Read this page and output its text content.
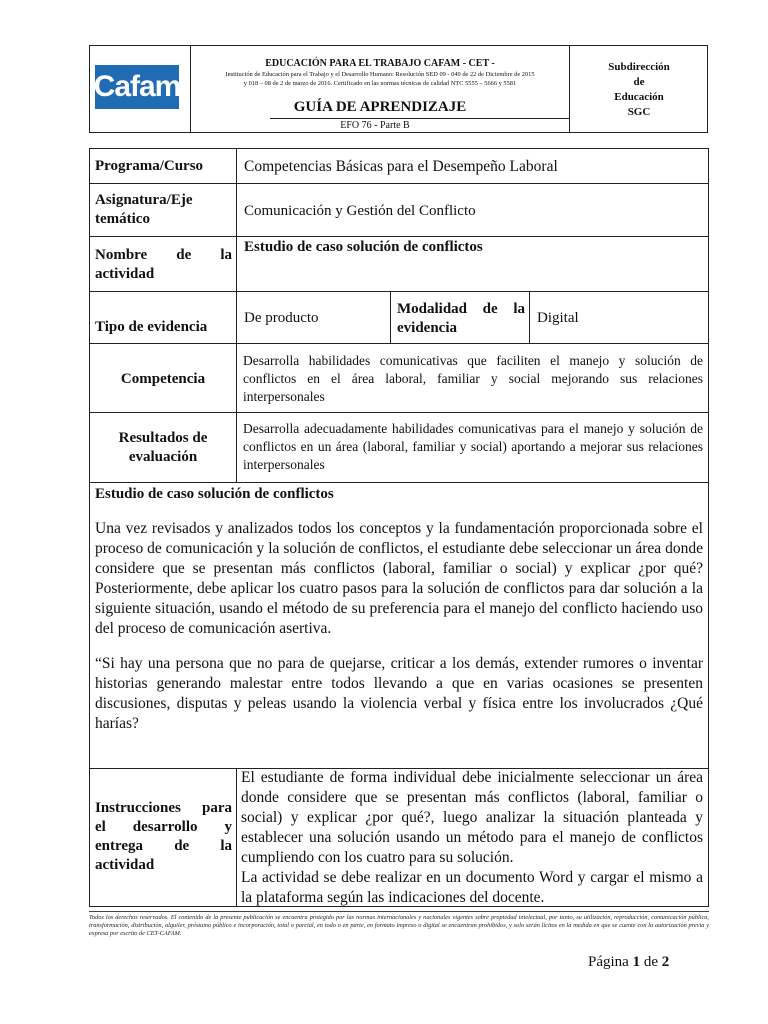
Cafam
EDUCACIÓN PARA EL TRABAJO CAFAM - CET -
Institución de Educación para el Trabajo y el Desarrollo Humano: Resolución SED 09 - 049 de 22 de Diciembre de 2015
y 018 – 08 de 2 de marzo de 2016. Certificado en las normas técnicas de calidad NTC 5555 – 5666 y 5581
GUÍA DE APRENDIZAJE
EFO 76 - Parte B
Subdirección
de
Educación
SGC
Programa/Curso	Competencias Básicas para el Desempeño Laboral
Asignatura/Eje
temático	Comunicación y Gestión del Conflicto
Nombre de la
actividad
Estudio de caso solución de conflictos
Tipo de evidencia
De producto
Modalidad de la
evidencia
Digital
Competencia
Desarrolla habilidades comunicativas que faciliten el manejo y solución de conflictos en el área laboral, familiar y social mejorando sus relaciones interpersonales
Resultados de
evaluación
Desarrolla adecuadamente habilidades comunicativas para el manejo y solución de conflictos en un área (laboral, familiar y social) aportando a mejorar sus relaciones interpersonales
Estudio de caso solución de conflictos
Una vez revisados y analizados todos los conceptos y la fundamentación proporcionada sobre el proceso de comunicación y la solución de conflictos, el estudiante debe seleccionar un área donde considere que se presentan más conflictos (laboral, familiar o social) y explicar ¿por qué? Posteriormente, debe aplicar los cuatro pasos para la solución de conflictos para dar solución a la siguiente situación, usando el método de su preferencia para el manejo del conflicto haciendo uso del proceso de comunicación asertiva.
“Si hay una persona que no para de quejarse, criticar a los demás, extender rumores o inventar historias generando malestar entre todos llevando a que en varias ocasiones se presenten discusiones, disputas y peleas usando la violencia verbal y física entre los involucrados ¿Qué harías?
Instrucciones para
el desarrollo y
entrega de la
actividad
El estudiante de forma individual debe inicialmente seleccionar un área donde considere que se presentan más conflictos (laboral, familiar o social) y explicar ¿por qué?, luego analizar la situación planteada y establecer una solución usando un método para el manejo de conflictos cumpliendo con los cuatro para su solución.
La actividad se debe realizar en un documento Word y cargar el mismo a la plataforma según las indicaciones del docente.
Todos los derechos reservados. El contenido de la presente publicación se encuentra protegido por las normas internacionales y nacionales vigentes sobre propiedad intelectual, por tanto, su utilización, reproducción, comunicación pública, transformación, distribución, alquiler, préstamo público e incorporación, total o parcial, en todo o en parte, en formato impreso o digital se encuentran prohibidos, y solo serán lícitos en la medida en que se cuente con la autorización previa y expresa por escrito de CET-CAFAM.
Página 1 de 2
